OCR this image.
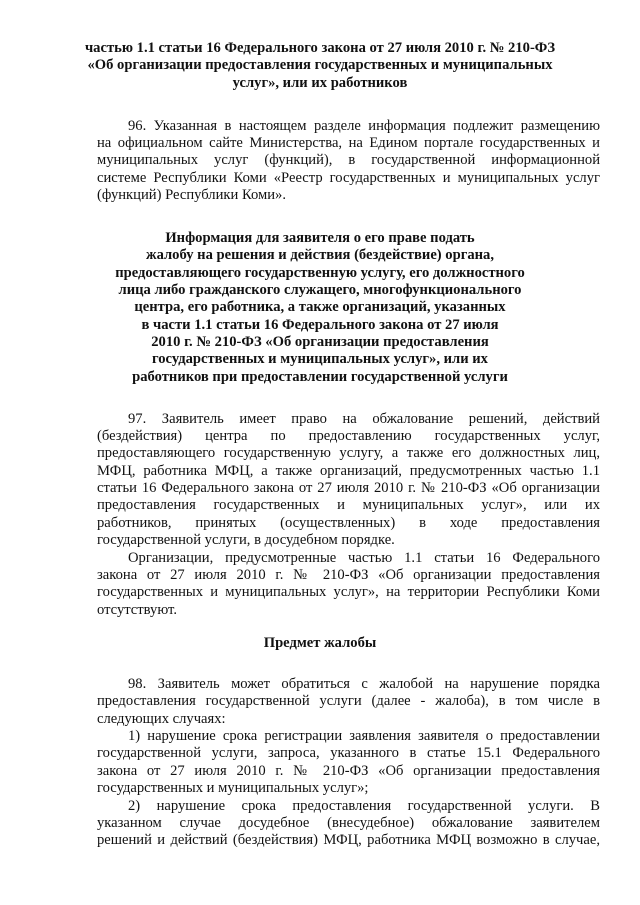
частью 1.1 статьи 16 Федерального закона от 27 июля 2010 г. № 210-ФЗ
«Об организации предоставления государственных и муниципальных
услуг», или их работников
96. Указанная в настоящем разделе информация подлежит размещению
на официальном сайте Министерства, на Едином портале государственных и
муниципальных услуг (функций), в государственной информационной
системе Республики Коми «Реестр государственных и муниципальных услуг
(функций) Республики Коми».
Информация для заявителя о его праве подать
жалобу на решения и действия (бездействие) органа,
предоставляющего государственную услугу, его должностного
лица либо гражданского служащего, многофункционального
центра, его работника, а также организаций, указанных
в части 1.1 статьи 16 Федерального закона от 27 июля
2010 г. № 210-ФЗ «Об организации предоставления
государственных и муниципальных услуг», или их
работников при предоставлении государственной услуги
97. Заявитель имеет право на обжалование решений, действий
(бездействия) центра по предоставлению государственных услуг,
предоставляющего государственную услугу, а также его должностных лиц,
МФЦ, работника МФЦ, а также организаций, предусмотренных частью 1.1
статьи 16 Федерального закона от 27 июля 2010 г. № 210-ФЗ «Об организации
предоставления государственных и муниципальных услуг», или их
работников, принятых (осуществленных) в ходе предоставления
государственной услуги, в досудебном порядке.
Организации, предусмотренные частью 1.1 статьи 16 Федерального
закона от 27 июля 2010 г. № 210-ФЗ «Об организации предоставления
государственных и муниципальных услуг», на территории Республики Коми
отсутствуют.
Предмет жалобы
98. Заявитель может обратиться с жалобой на нарушение порядка
предоставления государственной услуги (далее - жалоба), в том числе в
следующих случаях:
1) нарушение срока регистрации заявления заявителя о предоставлении
государственной услуги, запроса, указанного в статье 15.1 Федерального
закона от 27 июля 2010 г. № 210-ФЗ «Об организации предоставления
государственных и муниципальных услуг»;
2) нарушение срока предоставления государственной услуги. В
указанном случае досудебное (внесудебное) обжалование заявителем
решений и действий (бездействия) МФЦ, работника МФЦ возможно в случае,
